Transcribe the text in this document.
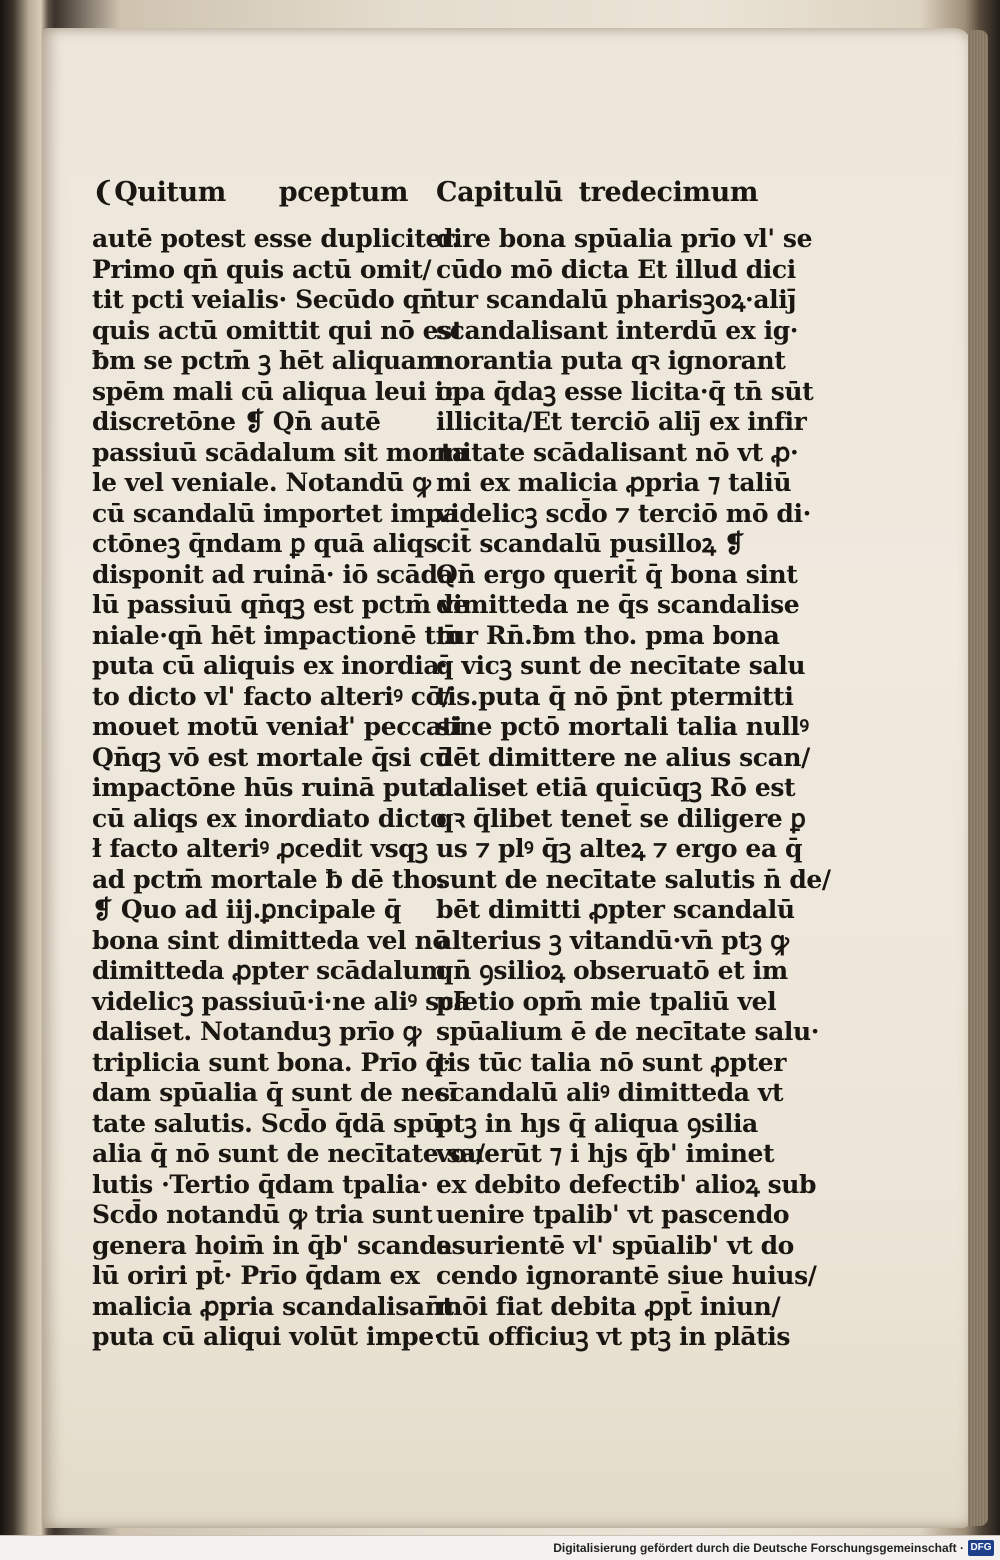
❨Quitum pceptum
autē potest esse dupliciter.
Primo qn̄ quis actū omit/
tit pcti veialis· Secūdo qn̄
quis actū omittit qui nō est
ƀm se pctm̄ ꝫ hēt aliquam
spēm mali cū aliqua leui in
discretōne ❡ Qn̄ autē
passiuū scādalum sit morta
le vel veniale. Notandū ꝙ
cū scandalū importet impa
ctōneꝫ q̄ndam ꝑ quā aliqs
disponit ad ruinā· iō scāda
lū passiuū qn̄qꝫ est pctm̄ ve
niale·qn̄ hēt impactionē tm̄
puta cū aliquis ex inordia·
to dicto vl' facto alteriꝰ cō/
mouet motū veniał' peccati
Qn̄qꝫ vō est mortale q̄si cū
impactōne hūs ruinā puta
cū aliqs ex inordiato dicto
ł facto alteriꝰ ꝓcedit vsqꝫ
ad pctm̄ mortale ƀ dē tho.
❡ Quo ad iij.ꝑncipale q̄
bona sint dimitteda vel nō
dimitteda ꝓpter scādalum
videlicꝫ passiuū·i·ne aliꝰ scā
daliset. Notanduꝫ prīo ꝙ
triplicia sunt bona. Prīo q̄·
dam spūalia q̄ sunt de necī
tate salutis. Scd̄o q̄dā spū
alia q̄ nō sunt de necītate sa/
lutis ·Tertio q̄dam tpalia·
Scd̄o notandū ꝙ tria sunt
genera hoim̄ in q̄b' scanda
lū oriri pt̄· Prīo q̄dam ex
malicia ꝓpria scandalisan̄t
puta cū aliqui volūt impe·
Capitulū tredecimum
dire bona spūalia prīo vl' se
cūdo mō dicta Et illud dici
tur scandalū pharisꝫoꝝ·aliȷ̄
scandalisant interdū ex ig·
norantia puta qꝛ ignorant
opa q̄daꝫ esse licita·q̄ tn̄ sūt
illicita/Et terciō aliȷ̄ ex infir
mitate scādalisant nō vt ꝓ·
mi ex malicia ꝓpria ⁊ taliū
videlicꝫ scd̄o ⁊ terciō mō di·
cit̄ scandalū pusilloꝝ ❡
Qn̄ ergo querit̄ q̄ bona sint
dimitteda ne q̄s scandalise
tur Rn̄.ƀm tho. pma bona
q̄ vicꝫ sunt de necītate salu
tis.puta q̄ nō p̄nt ptermitti
sine pctō mortali talia nullꝰ
dēt dimittere ne alius scan/
daliset etiā quicūqꝫ Rō est
qꝛ q̄libet tenet̄ se diligere ꝑ
us ⁊ plꝰ q̄ꝫ alteꝝ ⁊ ergo ea q̄
sunt de necītate salutis n̄ de/
bēt dimitti ꝓpter scandalū
alterius ꝫ vitandū·vn̄ ptꝫ ꝙ
qn̄ ꝯsilioꝝ obseruatō et im
pletio opm̄ mie tpaliū vel
spūalium ē de necītate salu·
tis tūc talia nō sunt ꝓpter
scandalū aliꝰ dimitteda vt
ptꝫ in hȷs q̄ aliqua ꝯsilia
vouerūt ⁊ i hjs q̄b' iminet
ex debito defectib' alioꝝ sub
uenire tpalib' vt pascendo
esurientē vl' spūalib' vt do
cendo ignorantē siue huius/
mōi fiat debita ꝓpt̄ iniun/
ctū officiuꝫ vt ptꝫ in plātis
Digitalisierung gefördert durch die Deutsche Forschungsgemeinschaft · DFG
